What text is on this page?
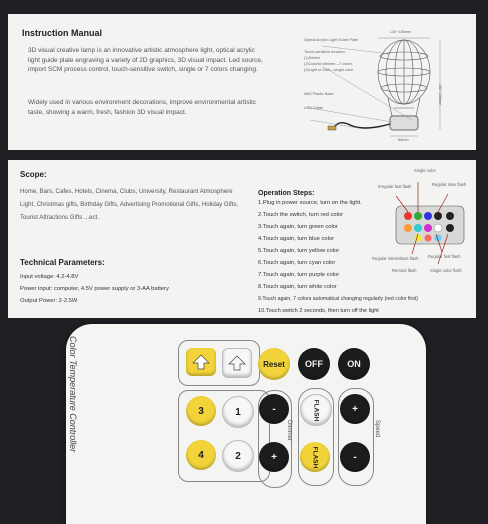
Instruction Manual
3D visual creative lamp is an innovative artistic atmosphere light, optical acrylic light guide plate engraving a variety of 2D graphics, 3D visual impact. Led source, import SCM process control, touch-sensitive switch, single or 7 colors changing.
Widely used in various environment decorations, improve environmental artistic taste, showing a warm, fresh, fashion 3D visual impact.
Optical Acrylic Light Guide Plate
Touch-sensitive function:
(1)Switch
(2)Colorful dimmer---7 colors
(3)Light or Dark---single color
ABS Plastic Base
USB Cable
L30~180mm
190~235mm
85mm
Scope:
Home, Bars, Cafes, Hotels, Cinema, Clubs, University, Restaurant Atmosphere Light, Christmas gifts, Birthday Gifts, Advertising Promotional Gifts, Holiday Gifts, Tourist Attractions Gifts ...ect.
Technical Parameters:
Input voltage: 4.2-4.8V
Power input: computer, 4.5V power supply or 3-AA battery
Output Power: 2-2.5W
Operation Steps:
1.Plug in power source, turn on the light.
2.Touch the switch, turn red color
3.Touch again, turn green color
4.Touch again, turn blue color
5.Touch again, turn yellow color
6.Touch again, turn cyan color
7.Touch again, turn purple color
8.Touch again, turn white color
9.Touch again, 7 colors automatical changing regularly (red color first)
10.Touch switch 2 seconds, then turn off the light
Single color
Irregular fast flash	Regular slow flash
Regular intermittent flash Regular fast flash
Remind flash	Single color flash
Color Temperature Controller	Reset	OFF	ON
3	1
4	2
-
+
Dimmer
FLASH
FLASH
+
-
Speed
